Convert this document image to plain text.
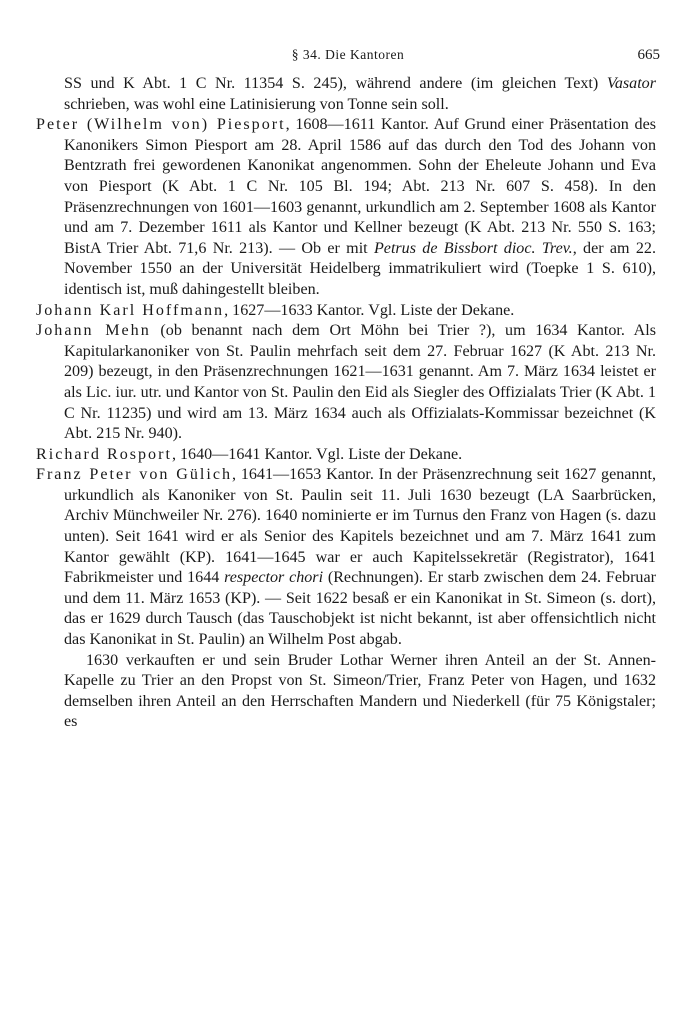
§ 34. Die Kantoren	665

SS und K Abt. 1 C Nr. 11354 S. 245), während andere (im gleichen Text) Vasator schrieben, was wohl eine Latinisierung von Tonne sein soll.

Peter (Wilhelm von) Piesport, 1608—1611 Kantor. Auf Grund einer Präsentation des Kanonikers Simon Piesport am 28. April 1586 auf das durch den Tod des Johann von Bentzrath frei gewordenen Kanonikat angenommen. Sohn der Eheleute Johann und Eva von Piesport (K Abt. 1 C Nr. 105 Bl. 194; Abt. 213 Nr. 607 S. 458). In den Präsenzrechnungen von 1601—1603 genannt, urkundlich am 2. September 1608 als Kantor und am 7. Dezember 1611 als Kantor und Kellner bezeugt (K Abt. 213 Nr. 550 S. 163; BistA Trier Abt. 71,6 Nr. 213). — Ob er mit Petrus de Bissbort dioc. Trev., der am 22. November 1550 an der Universität Heidelberg immatrikuliert wird (Toepke 1 S. 610), identisch ist, muß dahingestellt bleiben.

Johann Karl Hoffmann, 1627—1633 Kantor. Vgl. Liste der Dekane.

Johann Mehn (ob benannt nach dem Ort Möhn bei Trier ?), um 1634 Kantor. Als Kapitularkanoniker von St. Paulin mehrfach seit dem 27. Februar 1627 (K Abt. 213 Nr. 209) bezeugt, in den Präsenzrechnungen 1621—1631 genannt. Am 7. März 1634 leistet er als Lic. iur. utr. und Kantor von St. Paulin den Eid als Siegler des Offizialats Trier (K Abt. 1 C Nr. 11235) und wird am 13. März 1634 auch als Offizialats-Kommissar bezeichnet (K Abt. 215 Nr. 940).

Richard Rosport, 1640—1641 Kantor. Vgl. Liste der Dekane.

Franz Peter von Gülich, 1641—1653 Kantor. In der Präsenzrechnung seit 1627 genannt, urkundlich als Kanoniker von St. Paulin seit 11. Juli 1630 bezeugt (LA Saarbrücken, Archiv Münchweiler Nr. 276). 1640 nominierte er im Turnus den Franz von Hagen (s. dazu unten). Seit 1641 wird er als Senior des Kapitels bezeichnet und am 7. März 1641 zum Kantor gewählt (KP). 1641—1645 war er auch Kapitelssekretär (Registrator), 1641 Fabrikmeister und 1644 respector chori (Rechnungen). Er starb zwischen dem 24. Februar und dem 11. März 1653 (KP). — Seit 1622 besaß er ein Kanonikat in St. Simeon (s. dort), das er 1629 durch Tausch (das Tauschobjekt ist nicht bekannt, ist aber offensichtlich nicht das Kanonikat in St. Paulin) an Wilhelm Post abgab.

1630 verkauften er und sein Bruder Lothar Werner ihren Anteil an der St. Annen-Kapelle zu Trier an den Propst von St. Simeon/Trier, Franz Peter von Hagen, und 1632 demselben ihren Anteil an den Herrschaften Mandern und Niederkell (für 75 Königstaler; es
